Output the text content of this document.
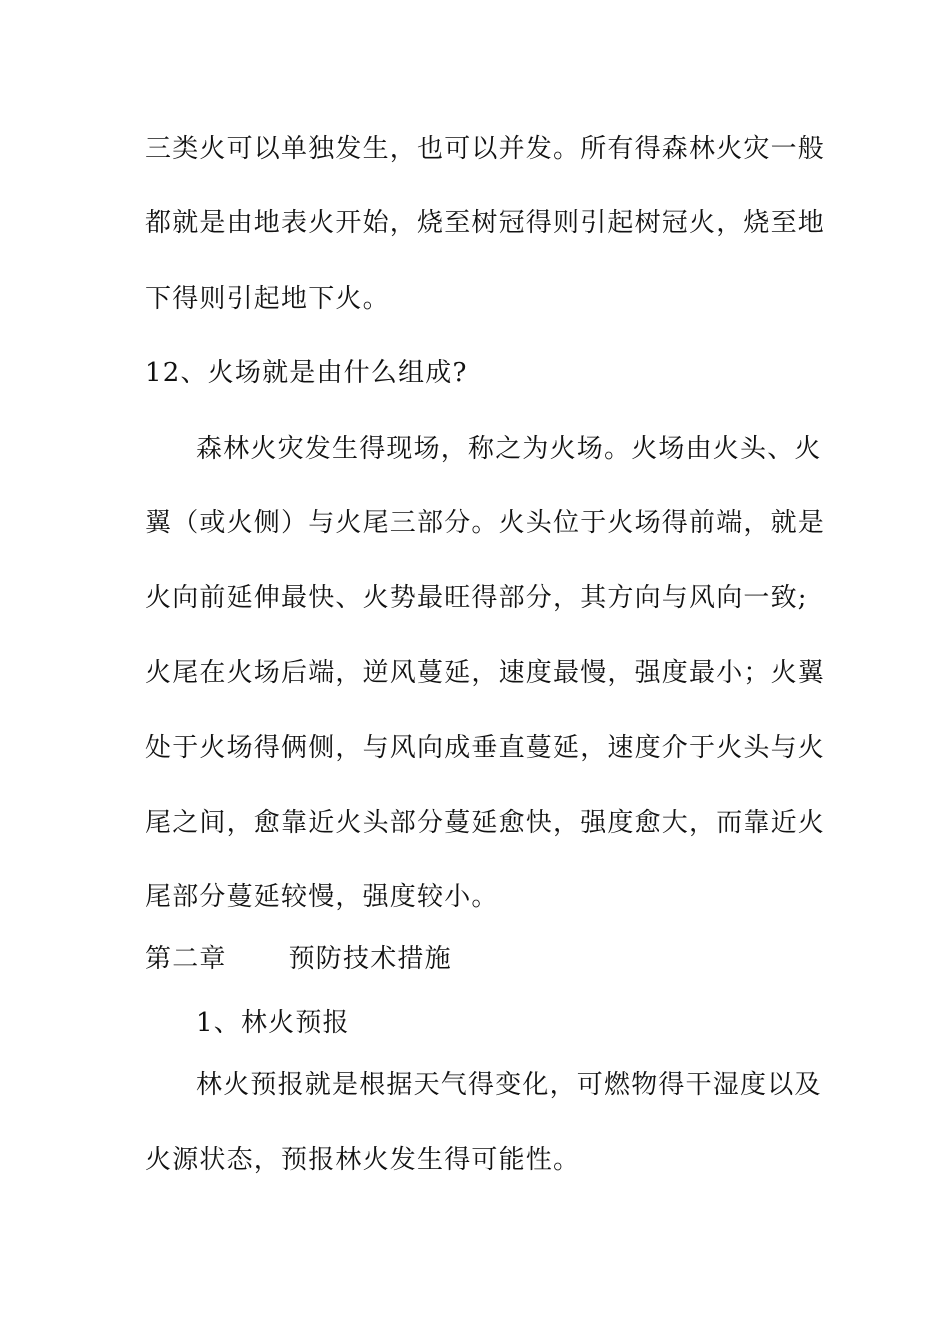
三类火可以单独发生，也可以并发。所有得森林火灾一般
都就是由地表火开始，烧至树冠得则引起树冠火，烧至地
下得则引起地下火。
12、火场就是由什么组成?
森林火灾发生得现场，称之为火场。火场由火头、火
翼（或火侧）与火尾三部分。火头位于火场得前端，就是
火向前延伸最快、火势最旺得部分，其方向与风向一致;
火尾在火场后端，逆风蔓延，速度最慢，强度最小；火翼
处于火场得俩侧，与风向成垂直蔓延，速度介于火头与火
尾之间，愈靠近火头部分蔓延愈快，强度愈大，而靠近火
尾部分蔓延较慢，强度较小。
第二章 预防技术措施
1、林火预报
林火预报就是根据天气得变化，可燃物得干湿度以及
火源状态，预报林火发生得可能性。
